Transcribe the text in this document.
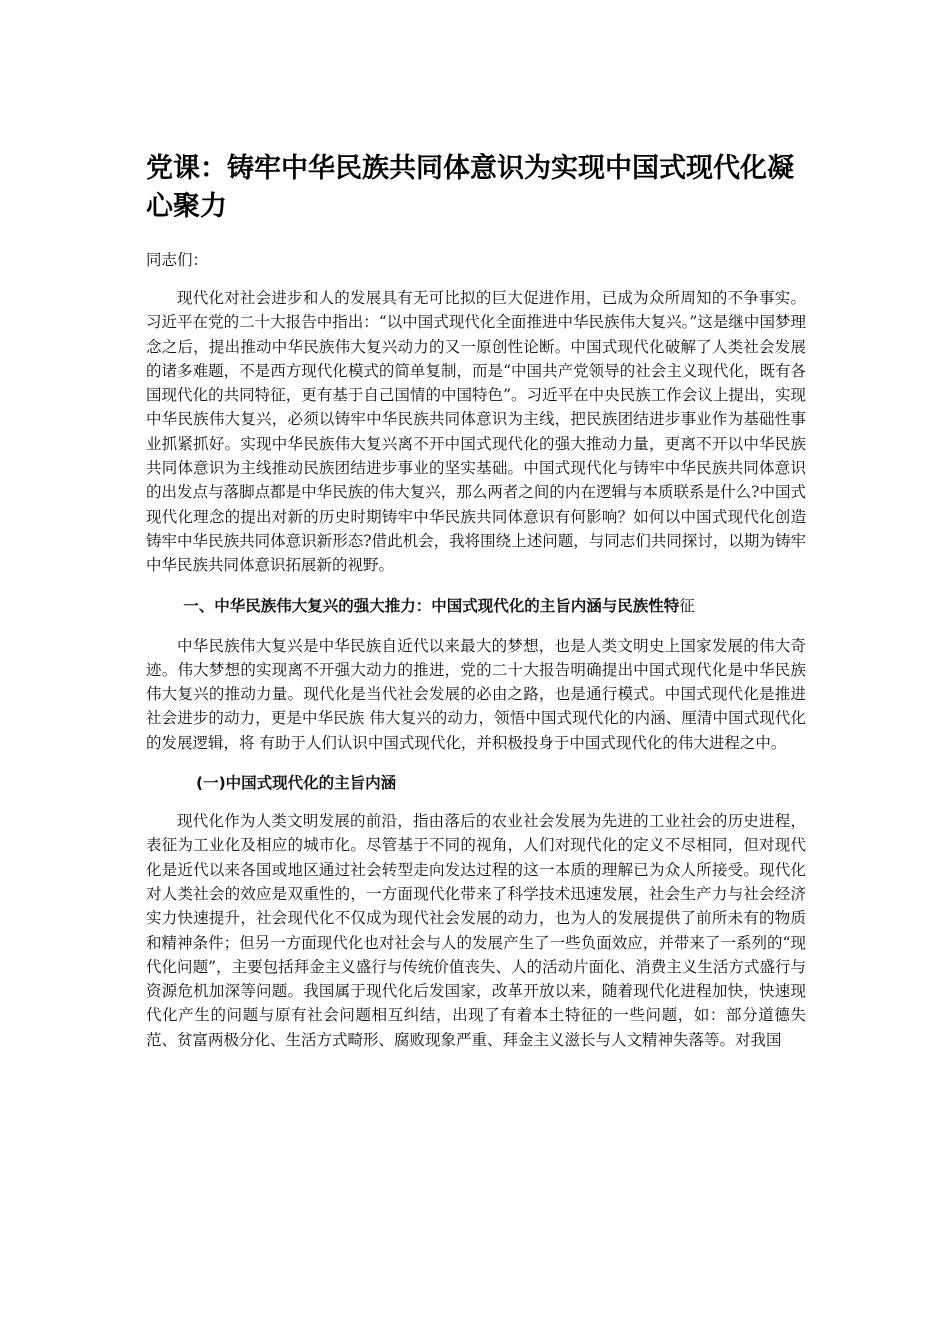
党课：铸牢中华民族共同体意识为实现中国式现代化凝心聚力

同志们：

现代化对社会进步和人的发展具有无可比拟的巨大促进作用，已成为众所周知的不争事实。习近平在党的二十大报告中指出：“以中国式现代化全面推进中华民族伟大复兴。”这是继中国梦理念之后，提出推动中华民族伟大复兴动力的又一原创性论断。中国式现代化破解了人类社会发展的诸多难题，不是西方现代化模式的简单复制，而是“中国共产党领导的社会主义现代化，既有各国现代化的共同特征，更有基于自己国情的中国特色”。习近平在中央民族工作会议上提出，实现中华民族伟大复兴，必须以铸牢中华民族共同体意识为主线，把民族团结进步事业作为基础性事业抓紧抓好。实现中华民族伟大复兴离不开中国式现代化的强大推动力量，更离不开以中华民族共同体意识为主线推动民族团结进步事业的坚实基础。中国式现代化与铸牢中华民族共同体意识的出发点与落脚点都是中华民族的伟大复兴，那么两者之间的内在逻辑与本质联系是什么?中国式现代化理念的提出对新的历史时期铸牢中华民族共同体意识有何影响？如何以中国式现代化创造铸牢中华民族共同体意识新形态?借此机会，我将围绕上述问题，与同志们共同探讨，以期为铸牢中华民族共同体意识拓展新的视野。

一、中华民族伟大复兴的强大推力：中国式现代化的主旨内涵与民族性特征

中华民族伟大复兴是中华民族自近代以来最大的梦想，也是人类文明史上国家发展的伟大奇迹。伟大梦想的实现离不开强大动力的推进，党的二十大报告明确提出中国式现代化是中华民族伟大复兴的推动力量。现代化是当代社会发展的必由之路，也是通行模式。中国式现代化是推进社会进步的动力，更是中华民族 伟大复兴的动力，领悟中国式现代化的内涵、厘清中国式现代化的发展逻辑，将 有助于人们认识中国式现代化，并积极投身于中国式现代化的伟大进程之中。

(一)中国式现代化的主旨内涵

现代化作为人类文明发展的前沿，指由落后的农业社会发展为先进的工业社会的历史进程，表征为工业化及相应的城市化。尽管基于不同的视角，人们对现代化的定义不尽相同，但对现代化是近代以来各国或地区通过社会转型走向发达过程的这一本质的理解已为众人所接受。现代化对人类社会的效应是双重性的，一方面现代化带来了科学技术迅速发展，社会生产力与社会经济实力快速提升，社会现代化不仅成为现代社会发展的动力，也为人的发展提供了前所未有的物质和精神条件；但另一方面现代化也对社会与人的发展产生了一些负面效应，并带来了一系列的“现代化问题”，主要包括拜金主义盛行与传统价值丧失、人的活动片面化、消费主义生活方式盛行与资源危机加深等问题。我国属于现代化后发国家，改革开放以来，随着现代化进程加快，快速现代化产生的问题与原有社会问题相互纠结，出现了有着本土特征的一些问题，如：部分道德失范、贫富两极分化、生活方式畸形、腐败现象严重、拜金主义滋长与人文精神失落等。对我国
